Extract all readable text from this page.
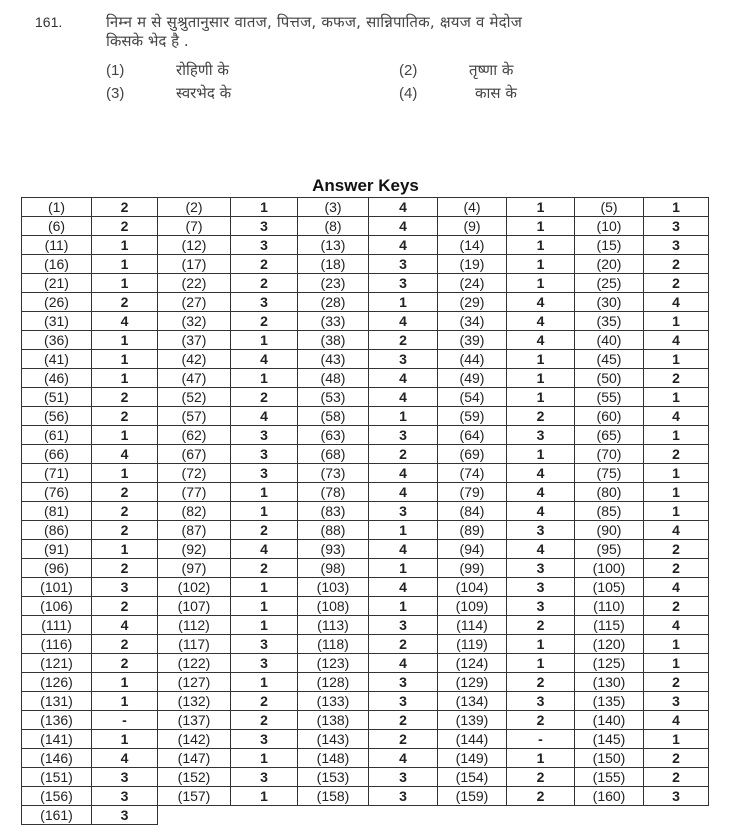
161.	निम्न म से सुश्रुतानुसार वातज, पित्तज, कफज, सान्निपातिक, क्षयज व मेदोज
किसके भेद है .
(1)	रोहिणी के	(2)	तृष्णा के
(3)	स्वरभेद के	(4)	कास के
Answer Keys
(1)	2	(2)	1	(3)	4	(4)	1	(5)	1
(6)	2	(7)	3	(8)	4	(9)	1	(10)	3
(11)	1	(12)	3	(13)	4	(14)	1	(15)	3
(16)	1	(17)	2	(18)	3	(19)	1	(20)	2
(21)	1	(22)	2	(23)	3	(24)	1	(25)	2
(26)	2	(27)	3	(28)	1	(29)	4	(30)	4
(31)	4	(32)	2	(33)	4	(34)	4	(35)	1
(36)	1	(37)	1	(38)	2	(39)	4	(40)	4
(41)	1	(42)	4	(43)	3	(44)	1	(45)	1
(46)	1	(47)	1	(48)	4	(49)	1	(50)	2
(51)	2	(52)	2	(53)	4	(54)	1	(55)	1
(56)	2	(57)	4	(58)	1	(59)	2	(60)	4
(61)	1	(62)	3	(63)	3	(64)	3	(65)	1
(66)	4	(67)	3	(68)	2	(69)	1	(70)	2
(71)	1	(72)	3	(73)	4	(74)	4	(75)	1
(76)	2	(77)	1	(78)	4	(79)	4	(80)	1
(81)	2	(82)	1	(83)	3	(84)	4	(85)	1
(86)	2	(87)	2	(88)	1	(89)	3	(90)	4
(91)	1	(92)	4	(93)	4	(94)	4	(95)	2
(96)	2	(97)	2	(98)	1	(99)	3	(100)	2
(101)	3	(102)	1	(103)	4	(104)	3	(105)	4
(106)	2	(107)	1	(108)	1	(109)	3	(110)	2
(111)	4	(112)	1	(113)	3	(114)	2	(115)	4
(116)	2	(117)	3	(118)	2	(119)	1	(120)	1
(121)	2	(122)	3	(123)	4	(124)	1	(125)	1
(126)	1	(127)	1	(128)	3	(129)	2	(130)	2
(131)	1	(132)	2	(133)	3	(134)	3	(135)	3
(136)	-	(137)	2	(138)	2	(139)	2	(140)	4
(141)	1	(142)	3	(143)	2	(144)	-	(145)	1
(146)	4	(147)	1	(148)	4	(149)	1	(150)	2
(151)	3	(152)	3	(153)	3	(154)	2	(155)	2
(156)	3	(157)	1	(158)	3	(159)	2	(160)	3
(161)	3								
